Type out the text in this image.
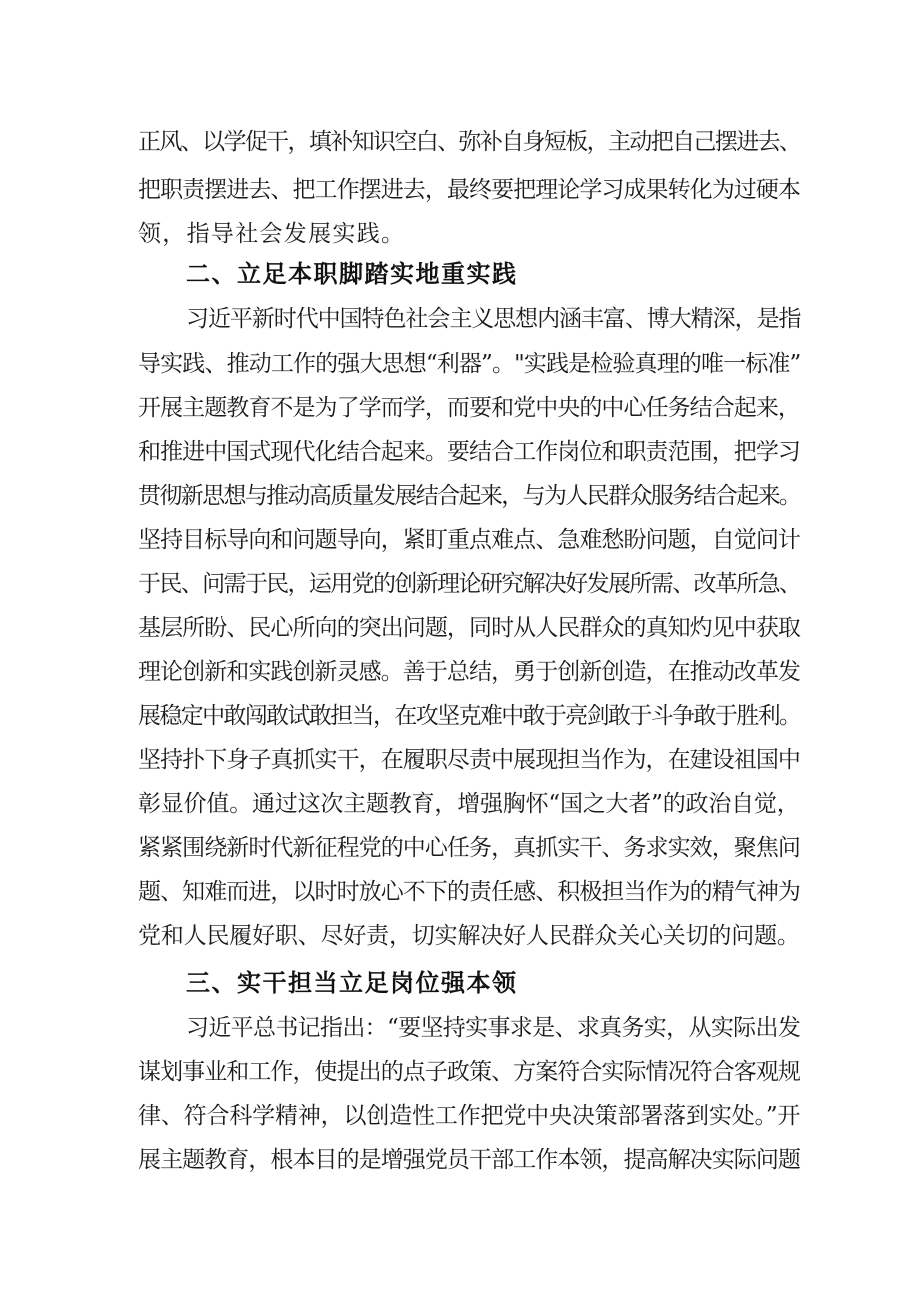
正风、以学促干，填补知识空白、弥补自身短板，主动把自己摆进去、
把职责摆进去、把工作摆进去，最终要把理论学习成果转化为过硬本
领，指导社会发展实践。
二、立足本职脚踏实地重实践
习近平新时代中国特色社会主义思想内涵丰富、博大精深，是指
导实践、推动工作的强大思想“利器”。"实践是检验真理的唯一标准”
开展主题教育不是为了学而学，而要和党中央的中心任务结合起来，
和推进中国式现代化结合起来。要结合工作岗位和职责范围，把学习
贯彻新思想与推动高质量发展结合起来，与为人民群众服务结合起来。
坚持目标导向和问题导向，紧盯重点难点、急难愁盼问题，自觉问计
于民、问需于民，运用党的创新理论研究解决好发展所需、改革所急、
基层所盼、民心所向的突出问题，同时从人民群众的真知灼见中获取
理论创新和实践创新灵感。善于总结，勇于创新创造，在推动改革发
展稳定中敢闯敢试敢担当，在攻坚克难中敢于亮剑敢于斗争敢于胜利。
坚持扑下身子真抓实干，在履职尽责中展现担当作为，在建设祖国中
彰显价值。通过这次主题教育，增强胸怀“国之大者”的政治自觉，
紧紧围绕新时代新征程党的中心任务，真抓实干、务求实效，聚焦问
题、知难而进，以时时放心不下的责任感、积极担当作为的精气神为
党和人民履好职、尽好责，切实解决好人民群众关心关切的问题。
三、实干担当立足岗位强本领
习近平总书记指出：“要坚持实事求是、求真务实，从实际出发
谋划事业和工作，使提出的点子政策、方案符合实际情况符合客观规
律、符合科学精神，以创造性工作把党中央决策部署落到实处。”开
展主题教育，根本目的是增强党员干部工作本领，提高解决实际问题
